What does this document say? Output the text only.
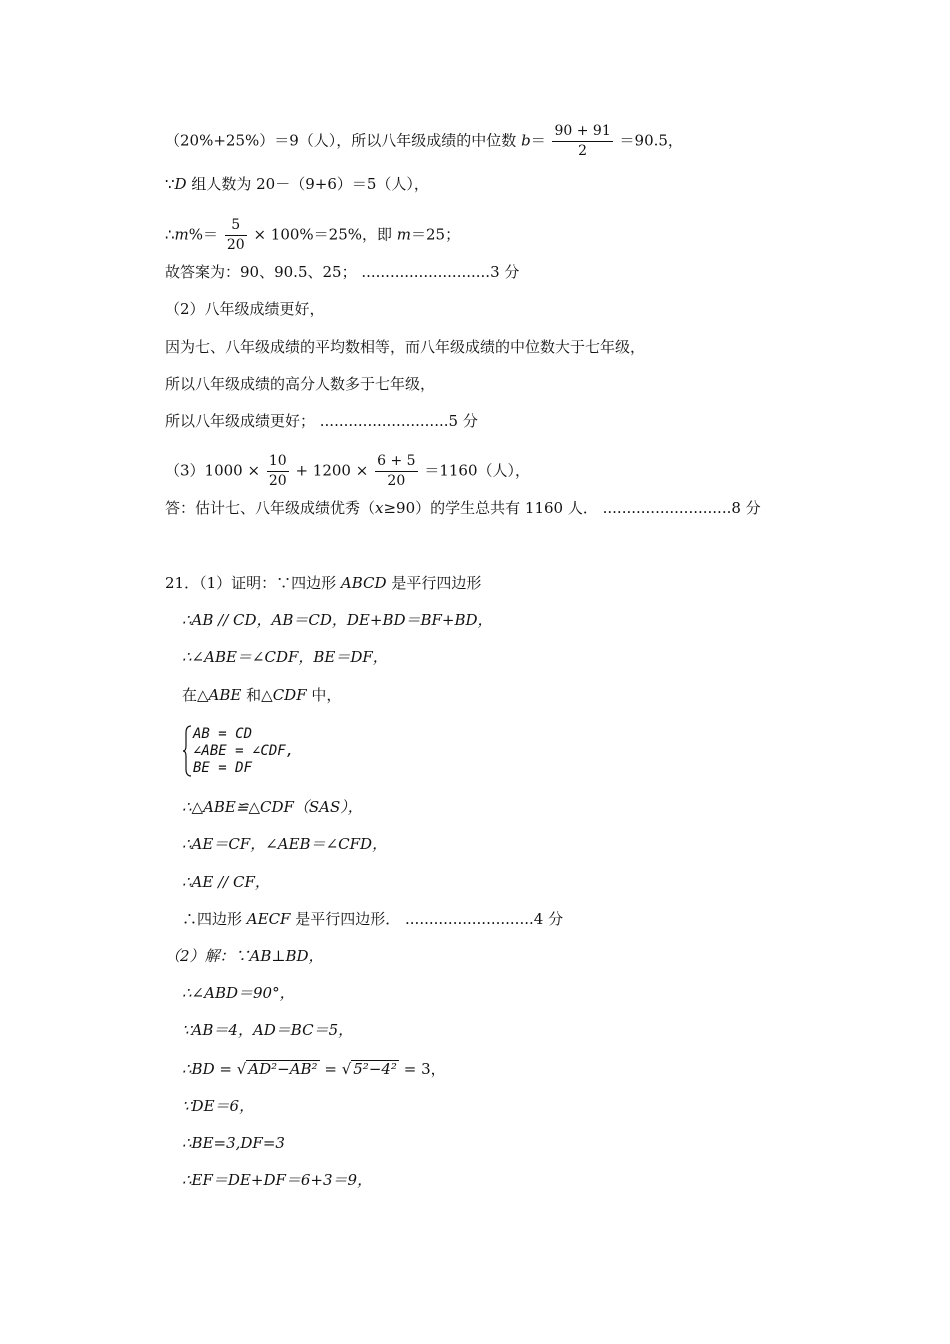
（20%+25%）＝9（人），所以八年级成绩的中位数 $b= \frac{90 + 91}{2} =90.5$，
∵D 组人数为 20－（9+6）＝5（人），
∴m%＝ $\frac{5}{20} \times 100\%=25\%$，即 m＝25；
故答案为：90、90.5、25； ...........................3 分
（2）八年级成绩更好，
因为七、八年级成绩的平均数相等，而八年级成绩的中位数大于七年级，
所以八年级成绩的高分人数多于七年级，
所以八年级成绩更好； ...........................5 分
$(3)1000 \times \frac{10}{20} + 1200 \times \frac{6 + 5}{20} =1160$（人），
答：估计七、八年级成绩优秀（x≥90）的学生总共有 1160 人． ...........................8 分
21．（1）证明：∵四边形 ABCD 是平行四边形
∴AB // CD，AB＝CD，DE+BD＝BF+BD，
∴∠ABE＝∠CDF，BE＝DF，
在△ABE 和△CDF 中，
AB = CD
∠ABE = ∠CDF,
BE = DF
∴△ABE≌△CDF（SAS），
∴AE＝CF，∠AEB＝∠CFD，
∴AE // CF，
∴四边形 AECF 是平行四边形． ...........................4 分
（2）解：∵AB⊥BD，
∴∠ABD＝90°，
∵AB＝4，AD＝BC＝5，
∴BD = √ AD²−AB² = √ 5²−4² = 3，
∵DE＝6，
∴BE=3,DF=3
∴EF＝DE+DF＝6+3＝9，
